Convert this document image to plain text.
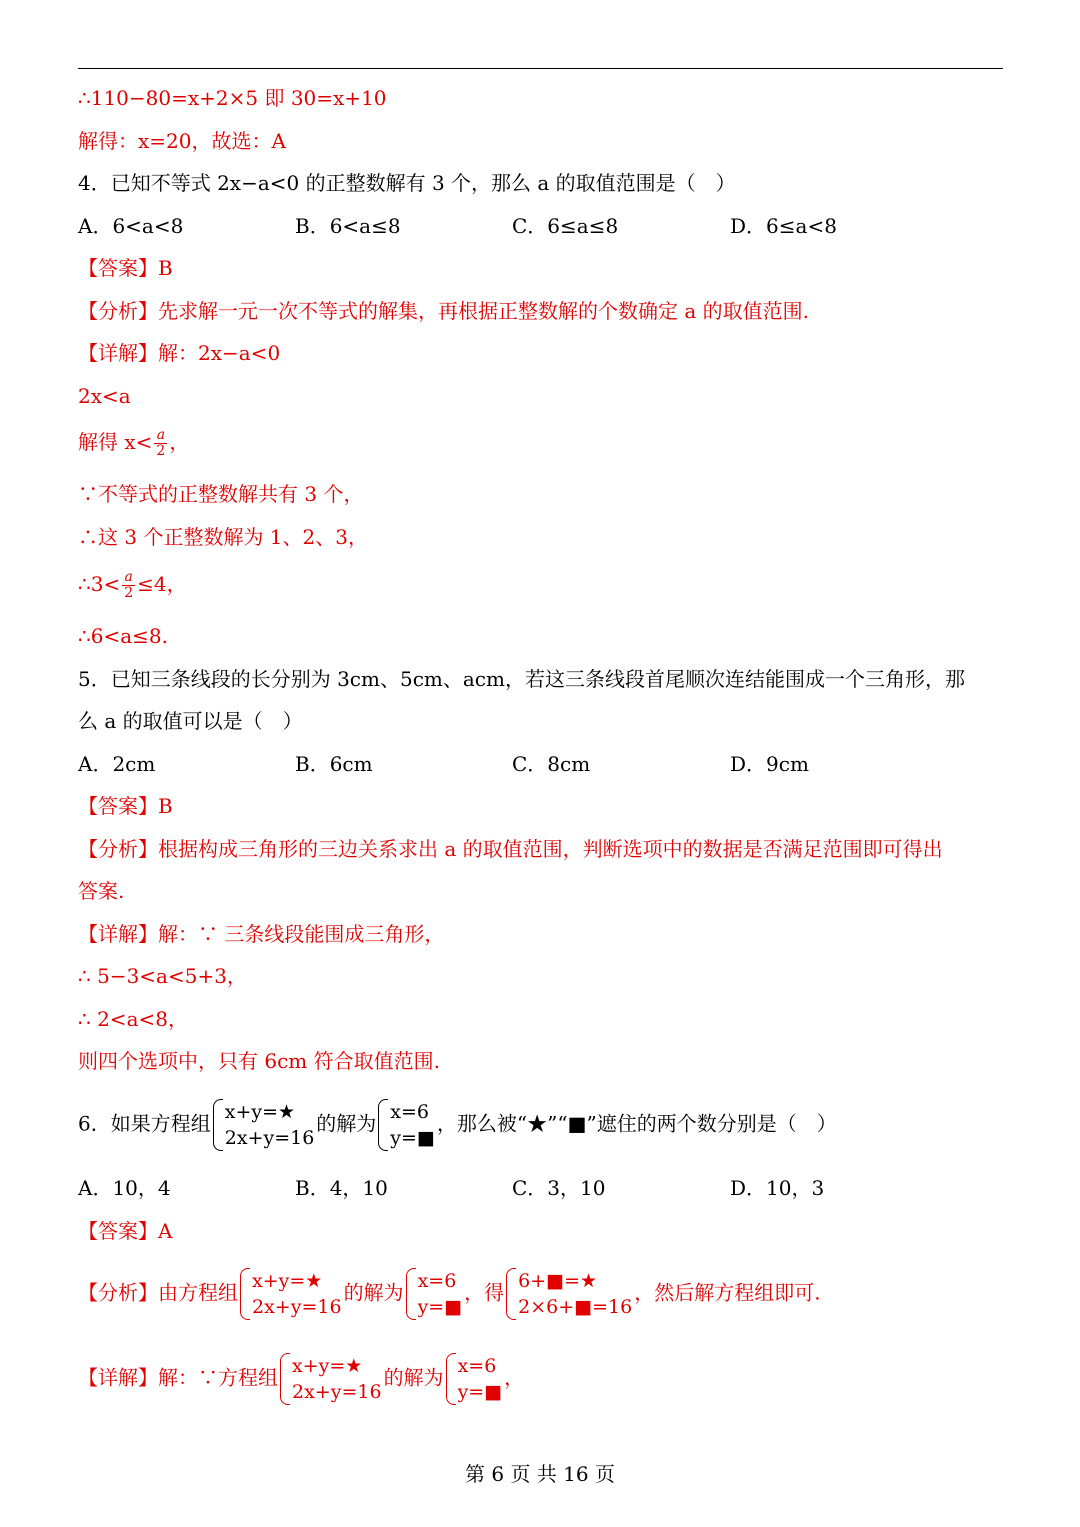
∴110−80=x+2×5 即 30=x+10
解得：x=20，故选：A
4．已知不等式 2x−a<0 的正整数解有 3 个，那么 a 的取值范围是（　）
A．6<a<8	B．6<a≤8	C．6≤a≤8	D．6≤a<8
【答案】B
【分析】先求解一元一次不等式的解集，再根据正整数解的个数确定 a 的取值范围.
【详解】解：2x−a<0
2x<a
解得 $x< \frac{a}{2}$ ，
∵不等式的正整数解共有 3 个，
∴这 3 个正整数解为 1、2、3，
∴3< $\frac{a}{2} \le 4$，
∴6<a≤8.
5．已知三条线段的长分别为 3cm、5cm、acm，若这三条线段首尾顺次连结能围成一个三角形，那
么 a 的取值可以是（　）
A．2cm	B．6cm	C．8cm	D．9cm
【答案】B
【分析】根据构成三角形的三边关系求出 a 的取值范围，判断选项中的数据是否满足范围即可得出
答案.
【详解】解：∵ 三条线段能围成三角形，
∴ 5−3<a<5+3，
∴ 2<a<8，
则四个选项中，只有 6cm 符合取值范围.
6．如果方程组 x+y=★
2x+y=16
的解为 x=6
y=■
，那么被“★”“■”遮住的两个数分别是（　）
A．10，4	B．4，10	C．3，10	D．10，3
【答案】A
【分析】由方程组 x+y=★
2x+y=16
的解为 x=6
y=■
，得 6+■=★
2×6+■=16
，然后解方程组即可.
【详解】解：∵方程组 x+y=★
2x+y=16
的解为 x=6
y=■
，
第 6 页 共 16 页
